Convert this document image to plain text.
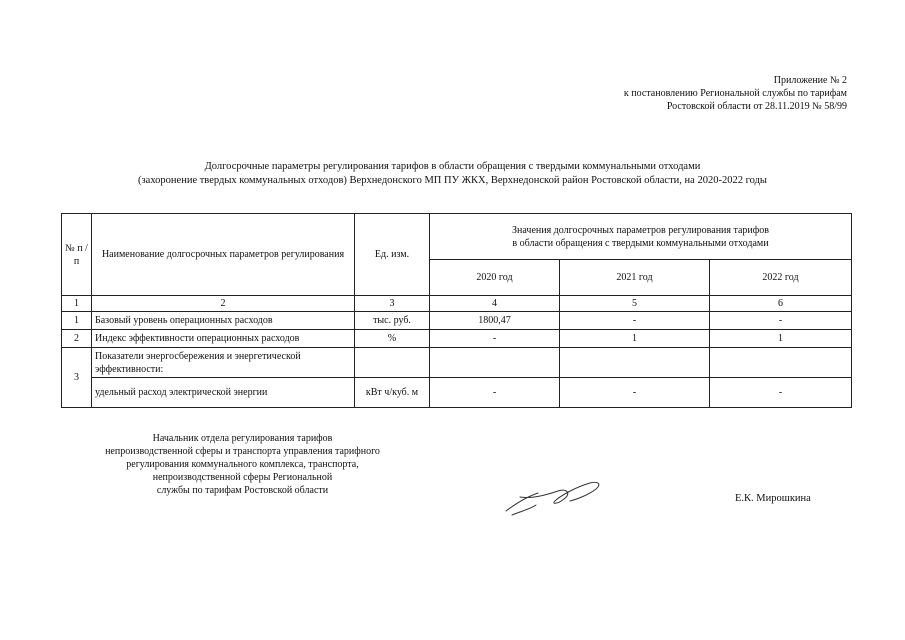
Приложение № 2
к постановлению Региональной службы по тарифам
Ростовской области от 28.11.2019 № 58/99
Долгосрочные параметры регулирования тарифов в области обращения с твердыми коммунальными отходами
(захоронение твердых коммунальных отходов) Верхнедонского МП ПУ ЖКХ, Верхнедонской район Ростовской области, на 2020-2022 годы
№ п /п	Наименование долгосрочных параметров регулирования	Ед. изм.	Значения долгосрочных параметров регулирования тарифов
в области обращения с твердыми коммунальными отходами		

			2020 год	2021 год	2022 год
1	2	3	4	5	6
1	Базовый уровень операционных расходов	тыс. руб.	1800,47	-	-
2	Индекс эффективности операционных расходов	%	-	1	1
3	Показатели энергосбережения и энергетической эффективности:				
	удельный расход электрической энергии	кВт ч/куб. м	-	-	-
Начальник отдела регулирования тарифов
непроизводственной сферы и транспорта управления тарифного
регулирования коммунального комплекса, транспорта,
непроизводственной сферы Региональной
службы по тарифам Ростовской области
Е.К. Мирошкина
